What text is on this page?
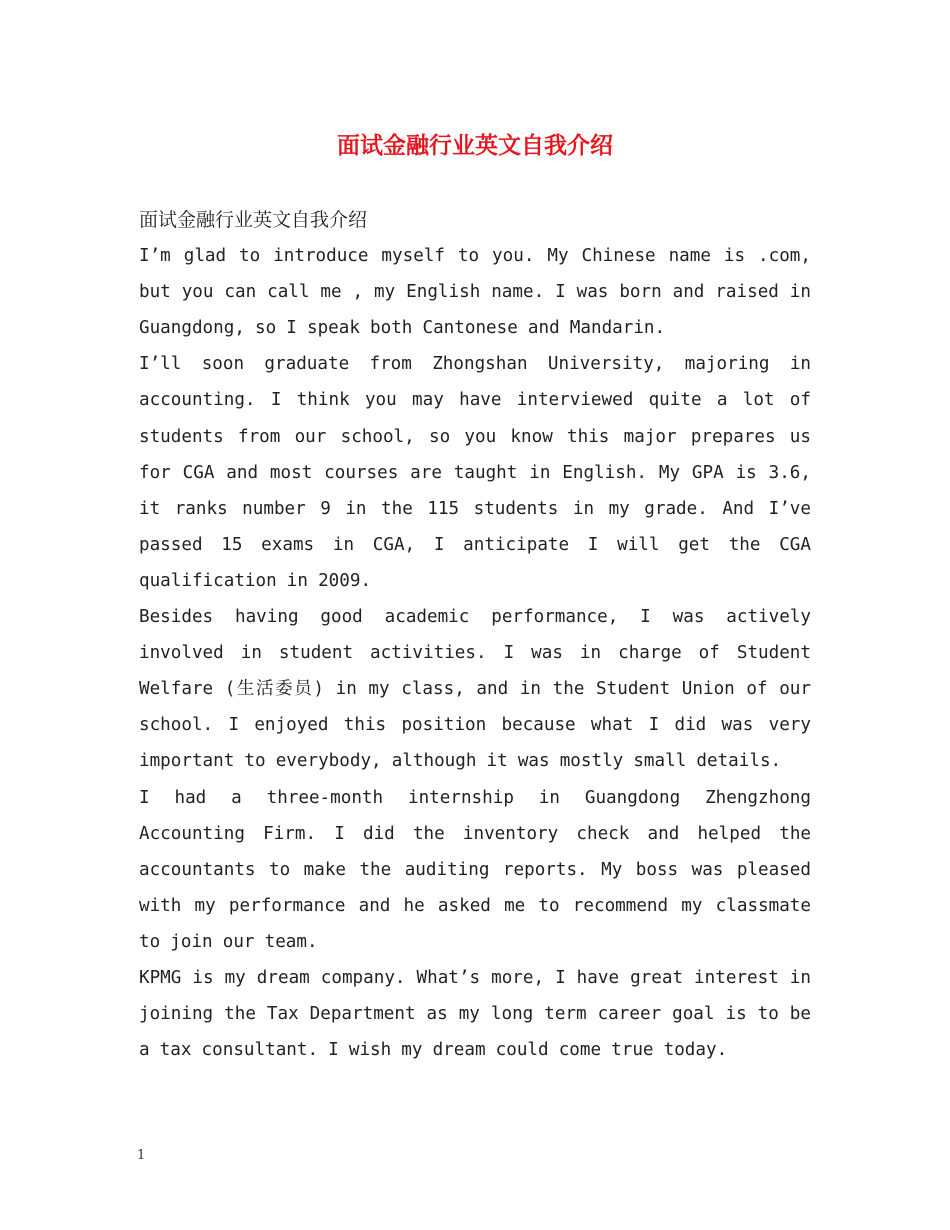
面试金融行业英文自我介绍

面试金融行业英文自我介绍

I’m glad to introduce myself to you. My Chinese name is .com, but you can call me , my English name. I was born and raised in Guangdong, so I speak both Cantonese and Mandarin.

I’ll soon graduate from Zhongshan University, majoring in accounting. I think you may have interviewed quite a lot of students from our school, so you know this major prepares us for CGA and most courses are taught in English. My GPA is 3.6, it ranks number 9 in the 115 students in my grade. And I’ve passed 15 exams in CGA, I anticipate I will get the CGA qualification in 2009.

Besides having good academic performance, I was actively involved in student activities. I was in charge of Student Welfare (生活委员) in my class, and in the Student Union of our school. I enjoyed this position because what I did was very important to everybody, although it was mostly small details.

I had a three-month internship in Guangdong Zhengzhong Accounting Firm. I did the inventory check and helped the accountants to make the auditing reports. My boss was pleased with my performance and he asked me to recommend my classmate to join our team.

KPMG is my dream company. What’s more, I have great interest in joining the Tax Department as my long term career goal is to be a tax consultant. I wish my dream could come true today.

1
